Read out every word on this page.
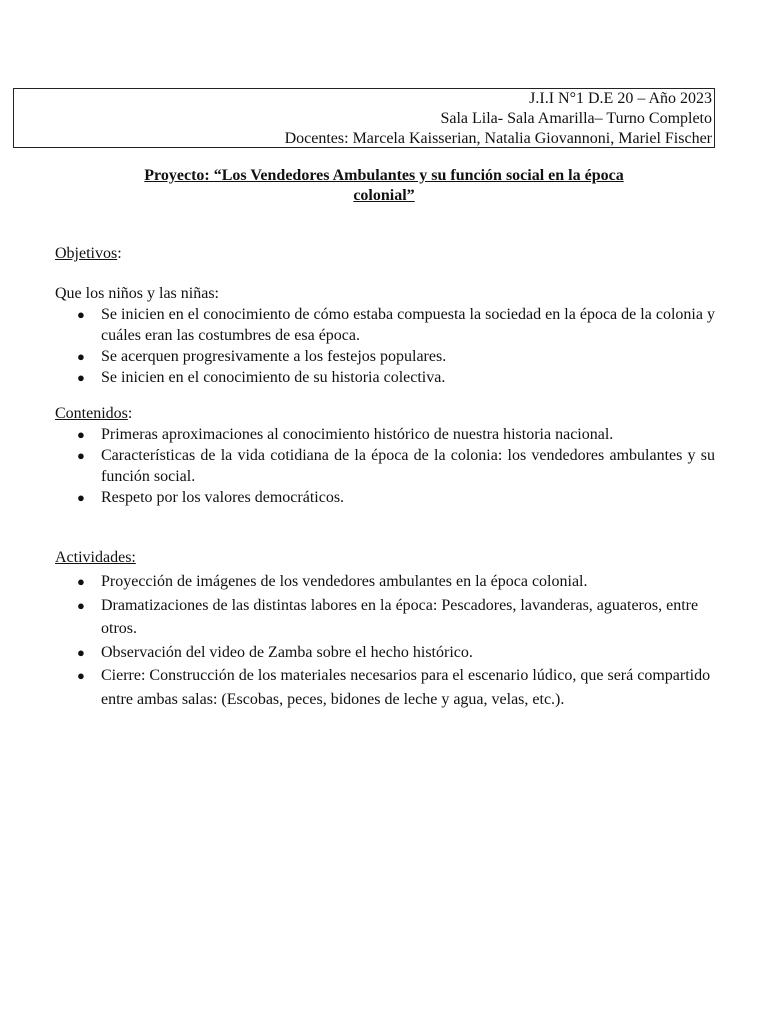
J.I.I N°1 D.E 20 – Año 2023
Sala Lila- Sala Amarilla– Turno Completo
Docentes: Marcela Kaisserian, Natalia Giovannoni, Mariel Fischer
Proyecto: “Los Vendedores Ambulantes y su función social en la época
colonial”
Objetivos:
Que los niños y las niñas:
● Se inicien en el conocimiento de cómo estaba compuesta la sociedad en la época de la colonia y cuáles eran las costumbres de esa época.
● Se acerquen progresivamente a los festejos populares.
● Se inicien en el conocimiento de su historia colectiva.
Contenidos:
● Primeras aproximaciones al conocimiento histórico de nuestra historia nacional.
● Características de la vida cotidiana de la época de la colonia: los vendedores ambulantes y su función social.
● Respeto por los valores democráticos.
Actividades:
● Proyección de imágenes de los vendedores ambulantes en la época colonial.
● Dramatizaciones de las distintas labores en la época: Pescadores, lavanderas, aguateros, entre otros.
● Observación del video de Zamba sobre el hecho histórico.
● Cierre: Construcción de los materiales necesarios para el escenario lúdico, que será compartido entre ambas salas: (Escobas, peces, bidones de leche y agua, velas, etc.).
